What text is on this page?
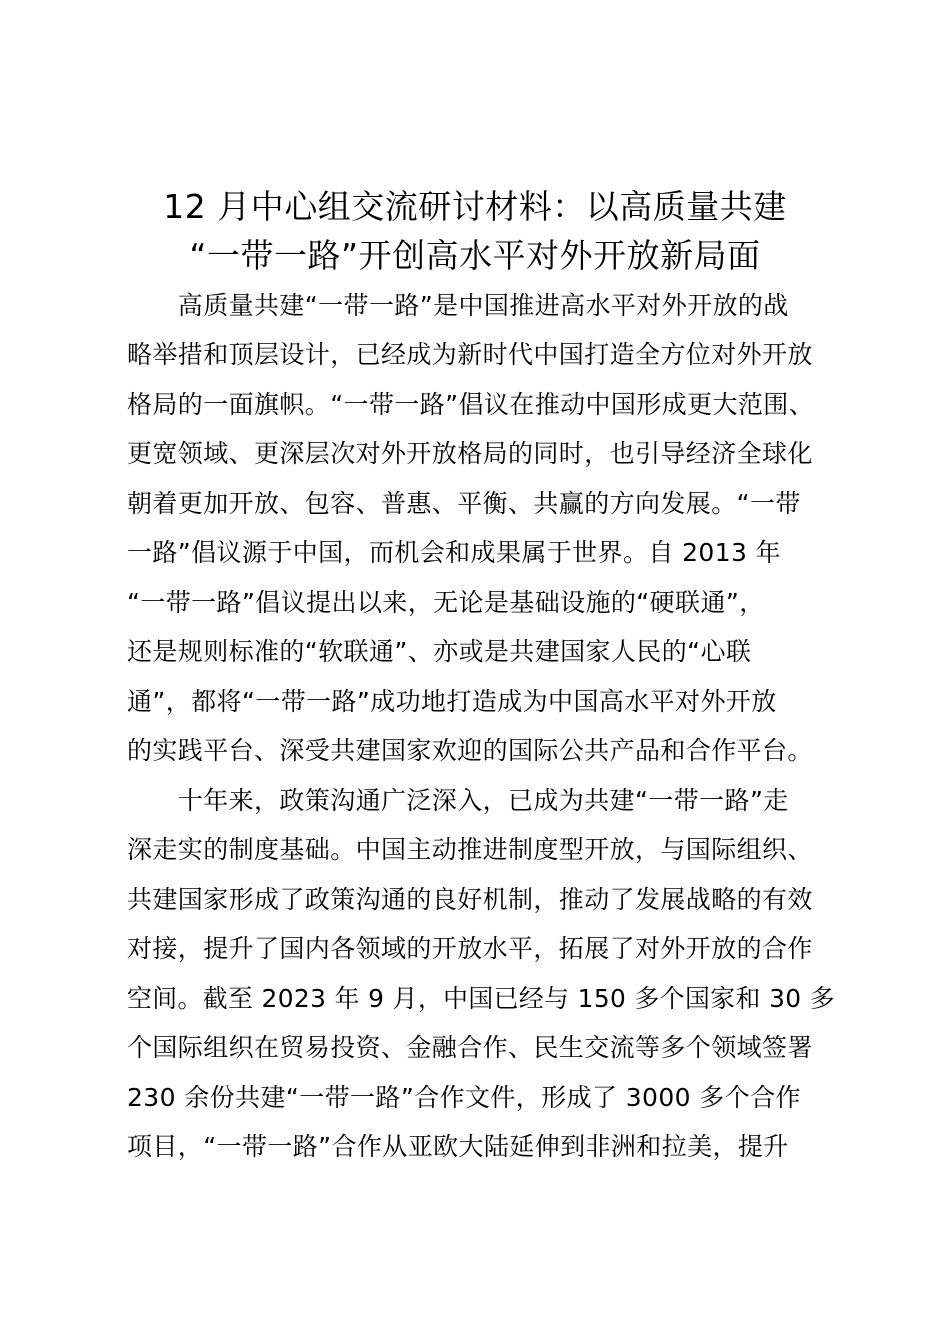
12 月中心组交流研讨材料：以高质量共建
“一带一路”开创高水平对外开放新局面
　　高质量共建“一带一路”是中国推进高水平对外开放的战
略举措和顶层设计，已经成为新时代中国打造全方位对外开放
格局的一面旗帜。“一带一路”倡议在推动中国形成更大范围、
更宽领域、更深层次对外开放格局的同时，也引导经济全球化
朝着更加开放、包容、普惠、平衡、共赢的方向发展。“一带
一路”倡议源于中国，而机会和成果属于世界。自 2013 年
“一带一路”倡议提出以来，无论是基础设施的“硬联通”，
还是规则标准的“软联通”、亦或是共建国家人民的“心联
通”，都将“一带一路”成功地打造成为中国高水平对外开放
的实践平台、深受共建国家欢迎的国际公共产品和合作平台。
　　十年来，政策沟通广泛深入，已成为共建“一带一路”走
深走实的制度基础。中国主动推进制度型开放，与国际组织、
共建国家形成了政策沟通的良好机制，推动了发展战略的有效
对接，提升了国内各领域的开放水平，拓展了对外开放的合作
空间。截至 2023 年 9 月，中国已经与 150 多个国家和 30 多
个国际组织在贸易投资、金融合作、民生交流等多个领域签署
230 余份共建“一带一路”合作文件，形成了 3000 多个合作
项目，“一带一路”合作从亚欧大陆延伸到非洲和拉美，提升
